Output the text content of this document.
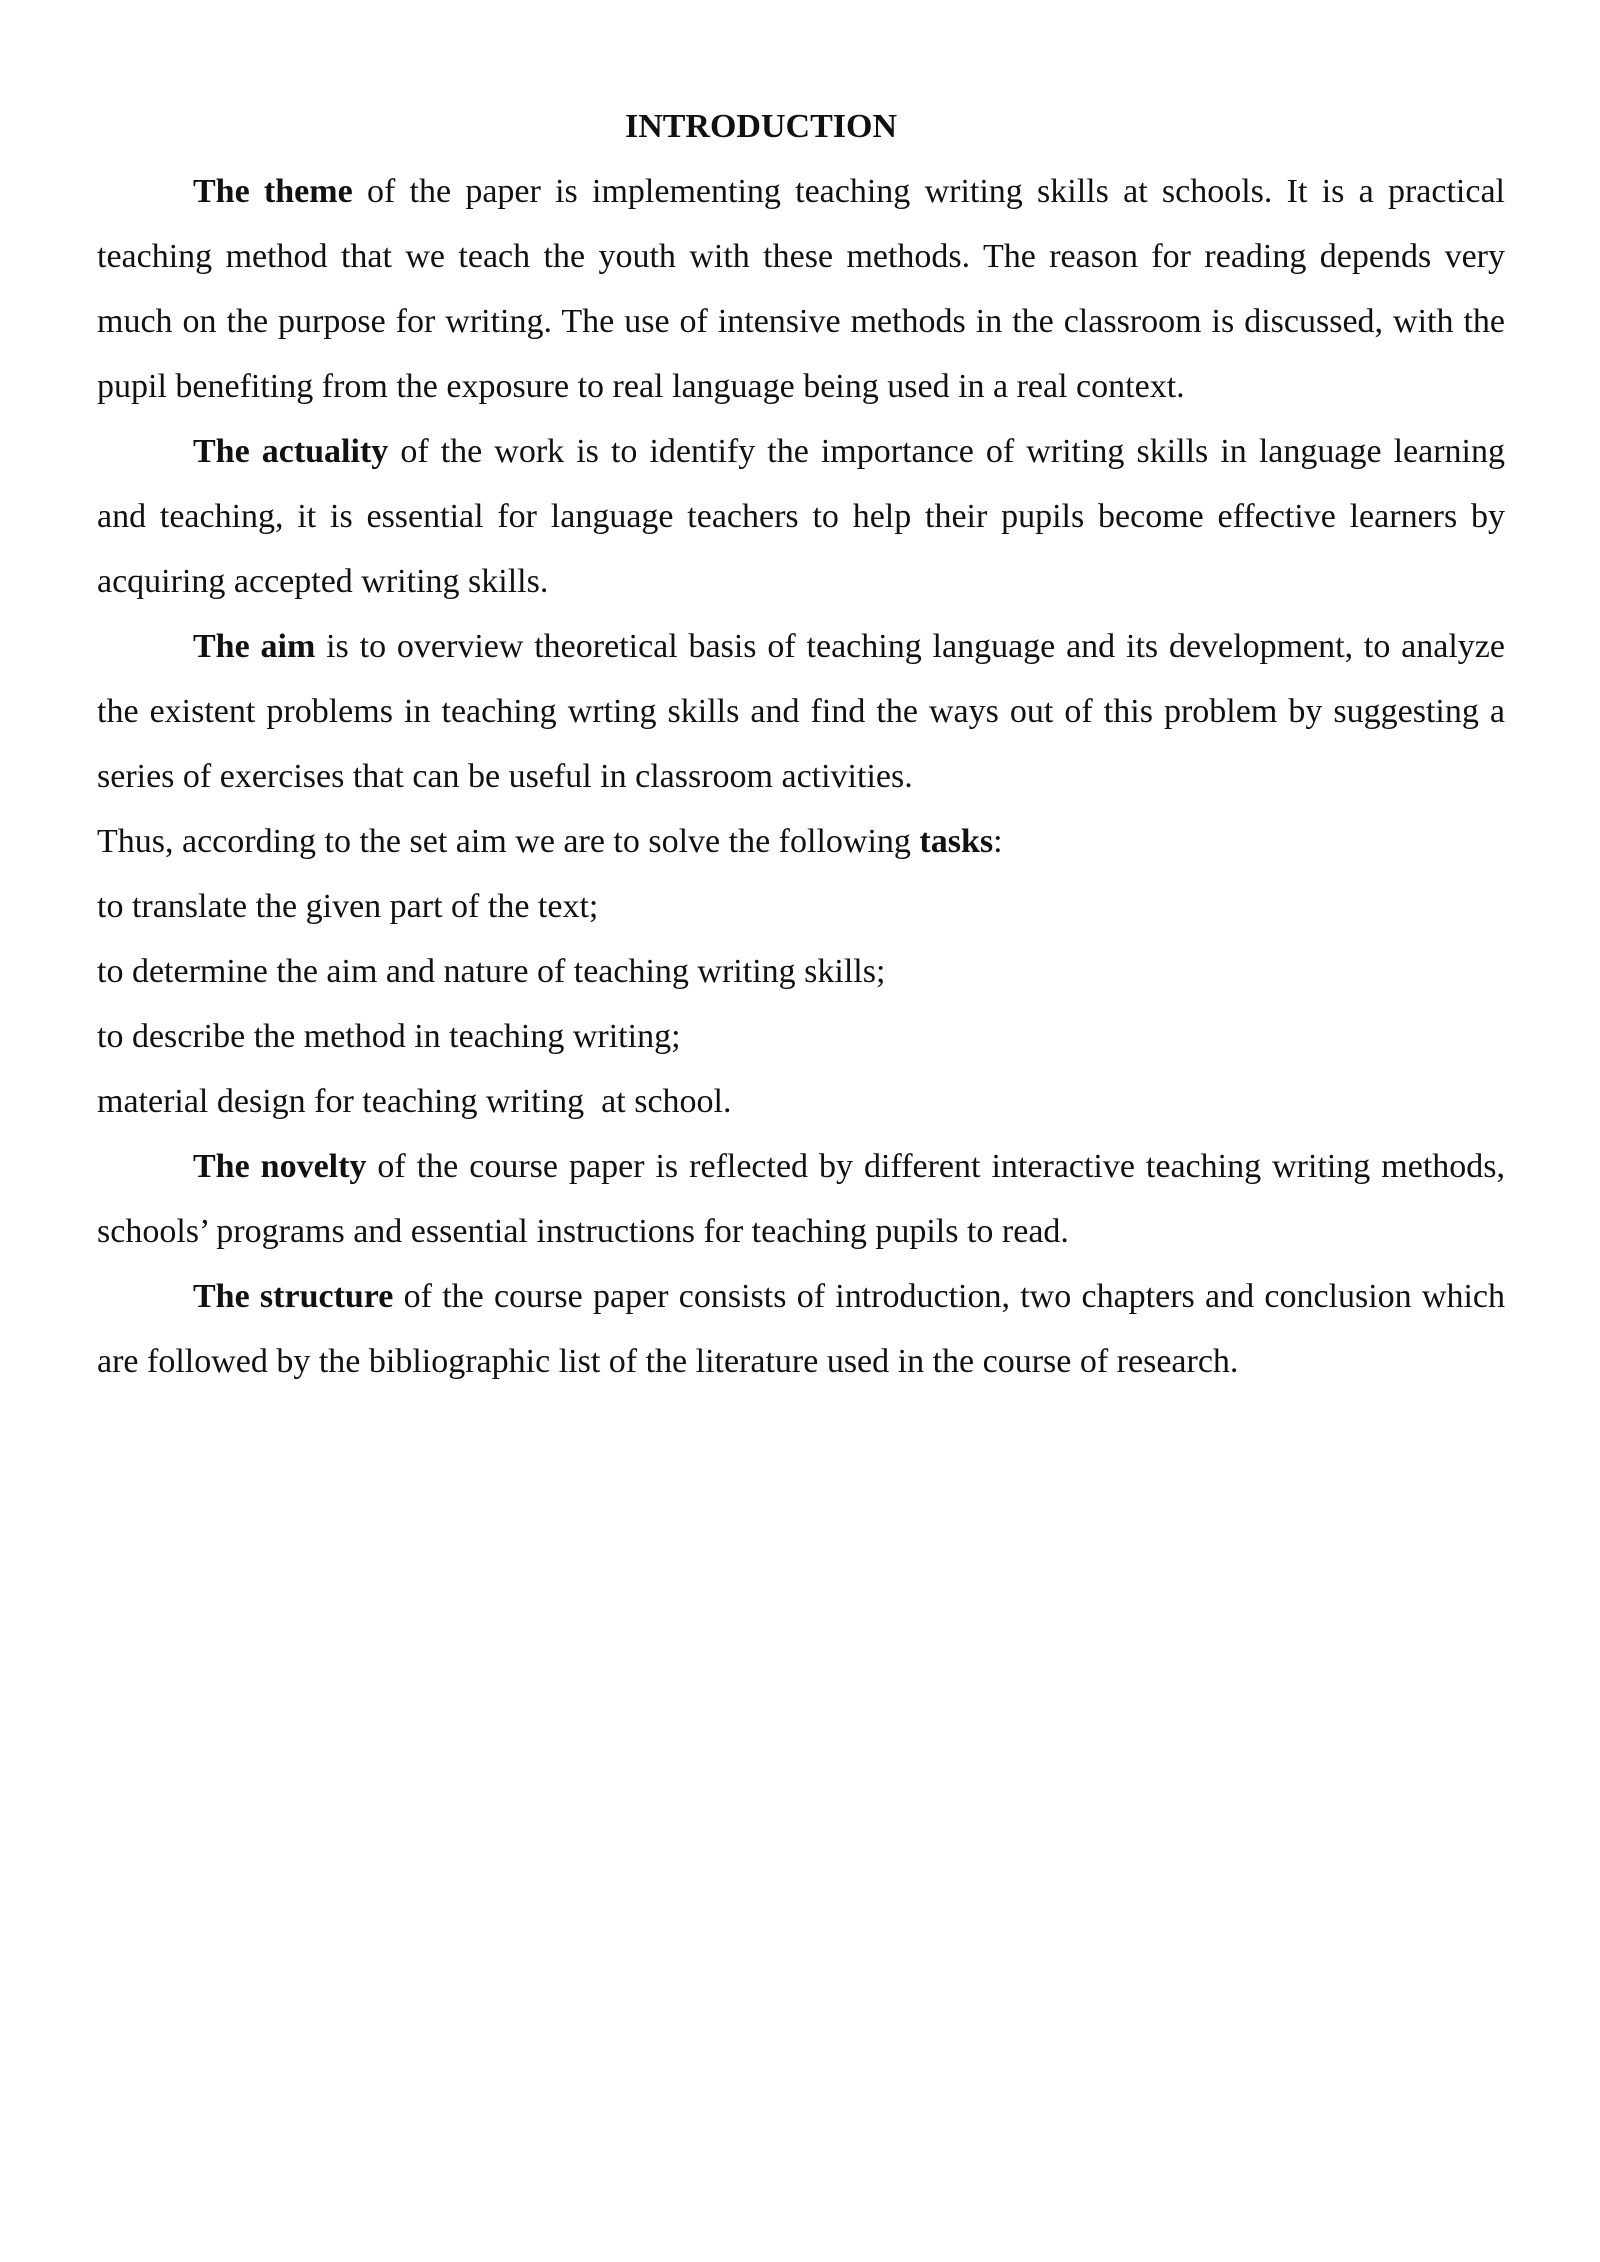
INTRODUCTION

The theme of the paper is implementing teaching writing skills at schools. It is a practical teaching method that we teach the youth with these methods. The reason for reading depends very much on the purpose for writing. The use of intensive methods in the classroom is discussed, with the pupil benefiting from the exposure to real language being used in a real context.

The actuality of the work is to identify the importance of writing skills in language learning and teaching, it is essential for language teachers to help their pupils become effective learners by acquiring accepted writing skills.

The aim is to overview theoretical basis of teaching language and its development, to analyze the existent problems in teaching wrting skills and find the ways out of this problem by suggesting a series of exercises that can be useful in classroom activities.

Thus, according to the set aim we are to solve the following tasks:

to translate the given part of the text;

to determine the aim and nature of teaching writing skills;

to describe the method in teaching writing;

material design for teaching writing  at school.

The novelty of the course paper is reflected by different interactive teaching writing methods, schools’ programs and essential instructions for teaching pupils to read.

The structure of the course paper consists of introduction, two chapters and conclusion which are followed by the bibliographic list of the literature used in the course of research.
